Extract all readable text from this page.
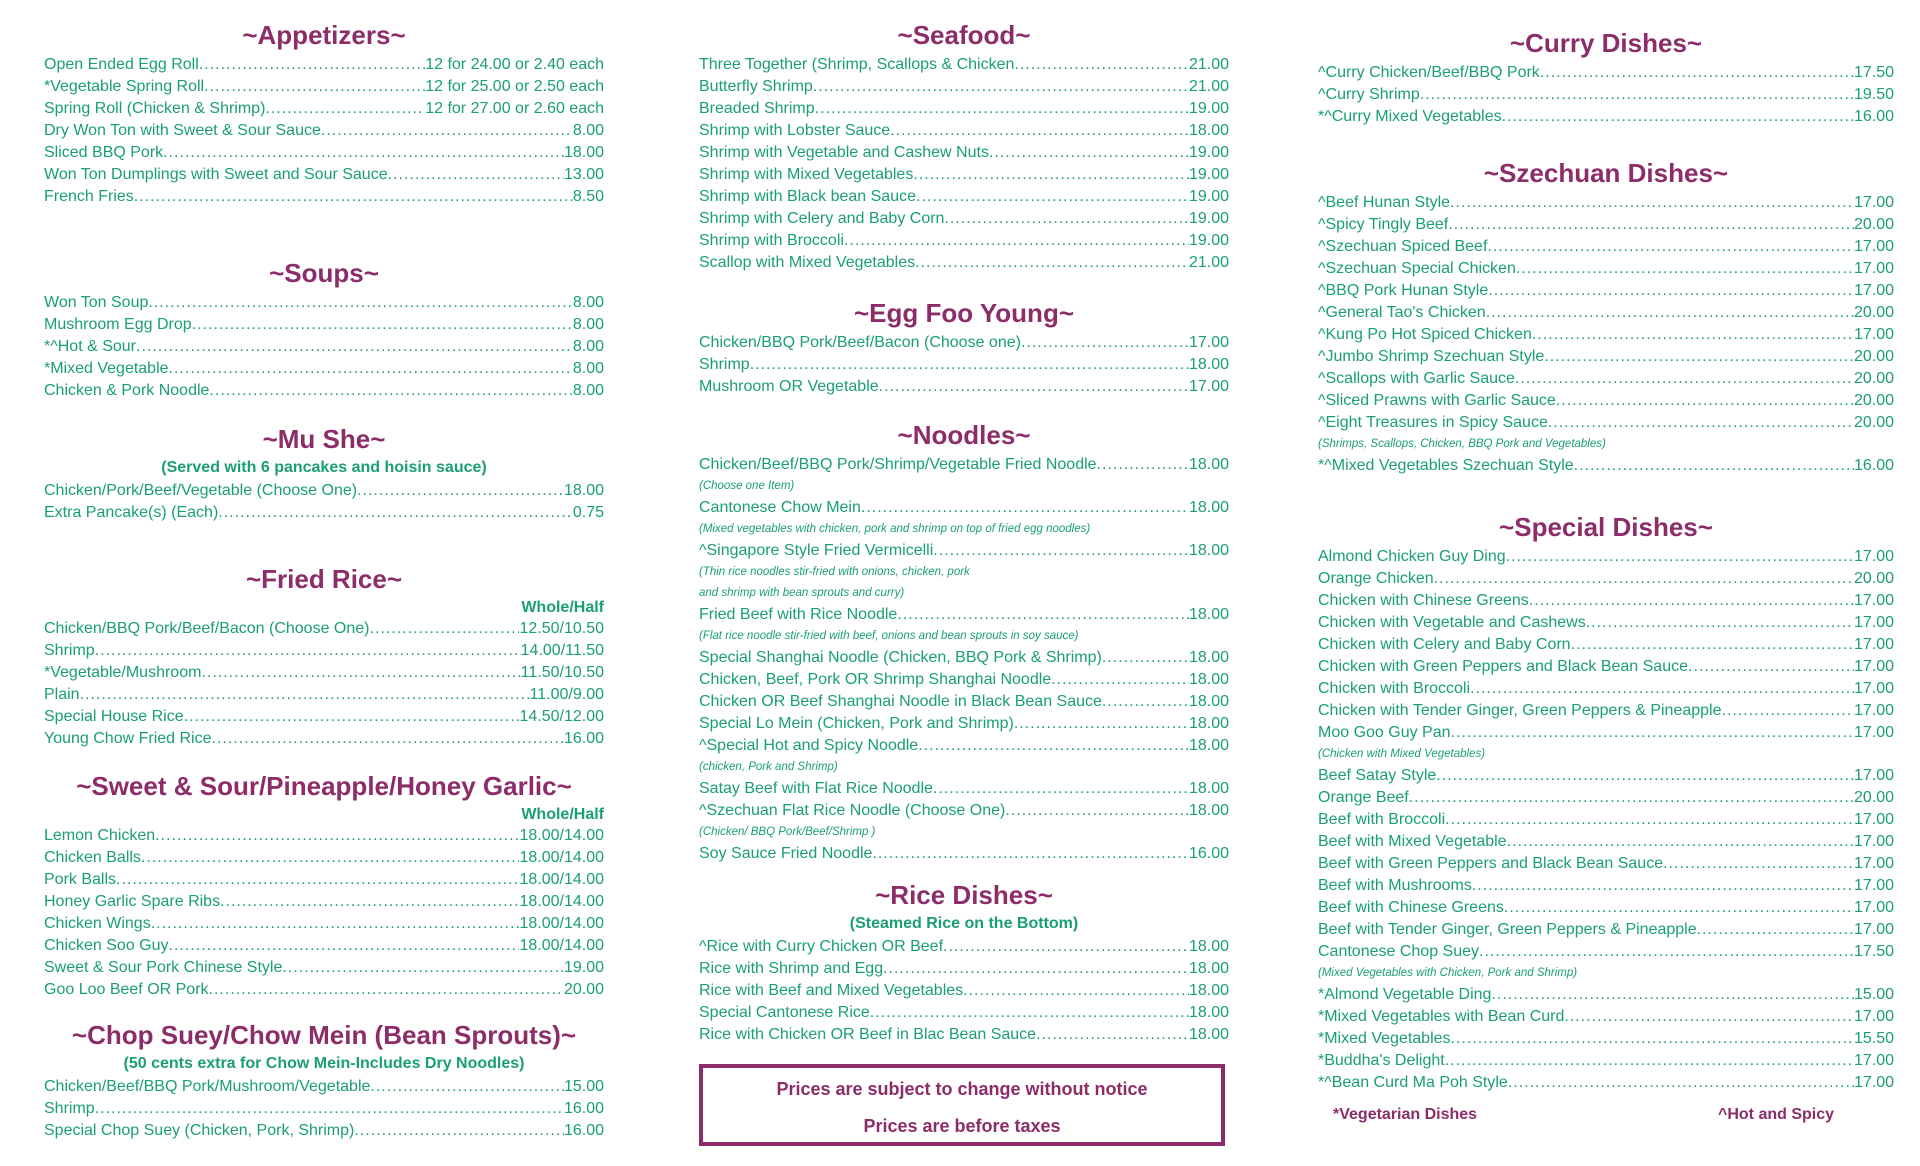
~Appetizers~
Open Ended Egg Roll .....	12 for 24.00 or 2.40 each
*Vegetable Spring Roll .....	12 for 25.00 or 2.50 each
Spring Roll (Chicken & Shrimp) .....	12 for 27.00 or 2.60 each
Dry Won Ton with Sweet & Sour Sauce .....	8.00
Sliced BBQ Pork .....	18.00
Won Ton Dumplings with Sweet and Sour Sauce .....	13.00
French Fries .....	8.50
~Soups~
Won Ton Soup .....	8.00
Mushroom Egg Drop .....	8.00
*^Hot & Sour .....	8.00
*Mixed Vegetable .....	8.00
Chicken & Pork Noodle .....	8.00
~Mu She~
(Served with 6 pancakes and hoisin sauce)
Chicken/Pork/Beef/Vegetable (Choose One) .....	18.00
Extra Pancake(s) (Each) .....	0.75
~Fried Rice~
Whole/Half
Chicken/BBQ Pork/Beef/Bacon (Choose One) .....	12.50/10.50
Shrimp .....	14.00/11.50
*Vegetable/Mushroom .....	11.50/10.50
Plain .....	11.00/9.00
Special House Rice .....	14.50/12.00
Young Chow Fried Rice .....	16.00
~Sweet & Sour/Pineapple/Honey Garlic~
Whole/Half
Lemon Chicken .....	18.00/14.00
Chicken Balls .....	18.00/14.00
Pork Balls .....	18.00/14.00
Honey Garlic Spare Ribs .....	18.00/14.00
Chicken Wings .....	18.00/14.00
Chicken Soo Guy .....	18.00/14.00
Sweet & Sour Pork Chinese Style .....	19.00
Goo Loo Beef OR Pork .....	20.00
~Chop Suey/Chow Mein (Bean Sprouts)~
(50 cents extra for Chow Mein-Includes Dry Noodles)
Chicken/Beef/BBQ Pork/Mushroom/Vegetable .....	15.00
Shrimp .....	16.00
Special Chop Suey (Chicken, Pork, Shrimp) .....	16.00
~Seafood~
Three Together (Shrimp, Scallops & Chicken .....	21.00
Butterfly Shrimp .....	21.00
Breaded Shrimp .....	19.00
Shrimp with Lobster Sauce .....	18.00
Shrimp with Vegetable and Cashew Nuts .....	19.00
Shrimp with Mixed Vegetables .....	19.00
Shrimp with Black bean Sauce .....	19.00
Shrimp with Celery and Baby Corn .....	19.00
Shrimp with Broccoli .....	19.00
Scallop with Mixed Vegetables .....	21.00
~Egg Foo Young~
Chicken/BBQ Pork/Beef/Bacon (Choose one) .....	17.00
Shrimp .....	18.00
Mushroom OR Vegetable .....	17.00
~Noodles~
Chicken/Beef/BBQ Pork/Shrimp/Vegetable Fried Noodle .....	18.00
(Choose one Item)
Cantonese Chow Mein .....	18.00
(Mixed vegetables with chicken, pork and shrimp on top of fried egg noodles)
^Singapore Style Fried Vermicelli .....	18.00
(Thin rice noodles stir-fried with onions, chicken, pork
and shrimp with bean sprouts and curry)
Fried Beef with Rice Noodle .....	18.00
(Flat rice noodle stir-fried with beef, onions and bean sprouts in soy sauce)
Special Shanghai Noodle (Chicken, BBQ Pork & Shrimp) .....	18.00
Chicken, Beef, Pork OR Shrimp Shanghai Noodle .....	18.00
Chicken OR Beef Shanghai Noodle in Black Bean Sauce .....	18.00
Special Lo Mein (Chicken, Pork and Shrimp) .....	18.00
^Special Hot and Spicy Noodle .....	18.00
(chicken, Pork and Shrimp)
Satay Beef with Flat Rice Noodle .....	18.00
^Szechuan Flat Rice Noodle (Choose One) .....	18.00
(Chicken/ BBQ Pork/Beef/Shrimp )
Soy Sauce Fried Noodle .....	16.00
~Rice Dishes~
(Steamed Rice on the Bottom)
^Rice with Curry Chicken OR Beef .....	18.00
Rice with Shrimp and Egg .....	18.00
Rice with Beef and Mixed Vegetables .....	18.00
Special Cantonese Rice .....	18.00
Rice with Chicken OR Beef in Blac Bean Sauce .....	18.00
Prices are subject to change without notice
Prices are before taxes
~Curry Dishes~
^Curry Chicken/Beef/BBQ Pork .....	17.50
^Curry Shrimp .....	19.50
*^Curry Mixed Vegetables .....	16.00
~Szechuan Dishes~
^Beef Hunan Style .....	17.00
^Spicy Tingly Beef .....	20.00
^Szechuan Spiced Beef .....	17.00
^Szechuan Special Chicken .....	17.00
^BBQ Pork Hunan Style .....	17.00
^General Tao's Chicken .....	20.00
^Kung Po Hot Spiced Chicken .....	17.00
^Jumbo Shrimp Szechuan Style .....	20.00
^Scallops with Garlic Sauce .....	20.00
^Sliced Prawns with Garlic Sauce .....	20.00
^Eight Treasures in Spicy Sauce .....	20.00
(Shrimps, Scallops, Chicken, BBQ Pork and Vegetables)
*^Mixed Vegetables Szechuan Style .....	16.00
~Special Dishes~
Almond Chicken Guy Ding .....	17.00
Orange Chicken .....	20.00
Chicken with Chinese Greens .....	17.00
Chicken with Vegetable and Cashews .....	17.00
Chicken with Celery and Baby Corn .....	17.00
Chicken with Green Peppers and Black Bean Sauce .....	17.00
Chicken with Broccoli .....	17.00
Chicken with Tender Ginger, Green Peppers & Pineapple .....	17.00
Moo Goo Guy Pan .....	17.00
(Chicken with Mixed Vegetables)
Beef Satay Style .....	17.00
Orange Beef .....	20.00
Beef with Broccoli .....	17.00
Beef with Mixed Vegetable .....	17.00
Beef with Green Peppers and Black Bean Sauce .....	17.00
Beef with Mushrooms .....	17.00
Beef with Chinese Greens .....	17.00
Beef with Tender Ginger, Green Peppers & Pineapple .....	17.00
Cantonese Chop Suey .....	17.50
(Mixed Vegetables with Chicken, Pork and Shrimp)
*Almond Vegetable Ding .....	15.00
*Mixed Vegetables with Bean Curd .....	17.00
*Mixed Vegetables .....	15.50
*Buddha's Delight .....	17.00
*^Bean Curd Ma Poh Style .....	17.00
*Vegetarian Dishes	^Hot and Spicy
